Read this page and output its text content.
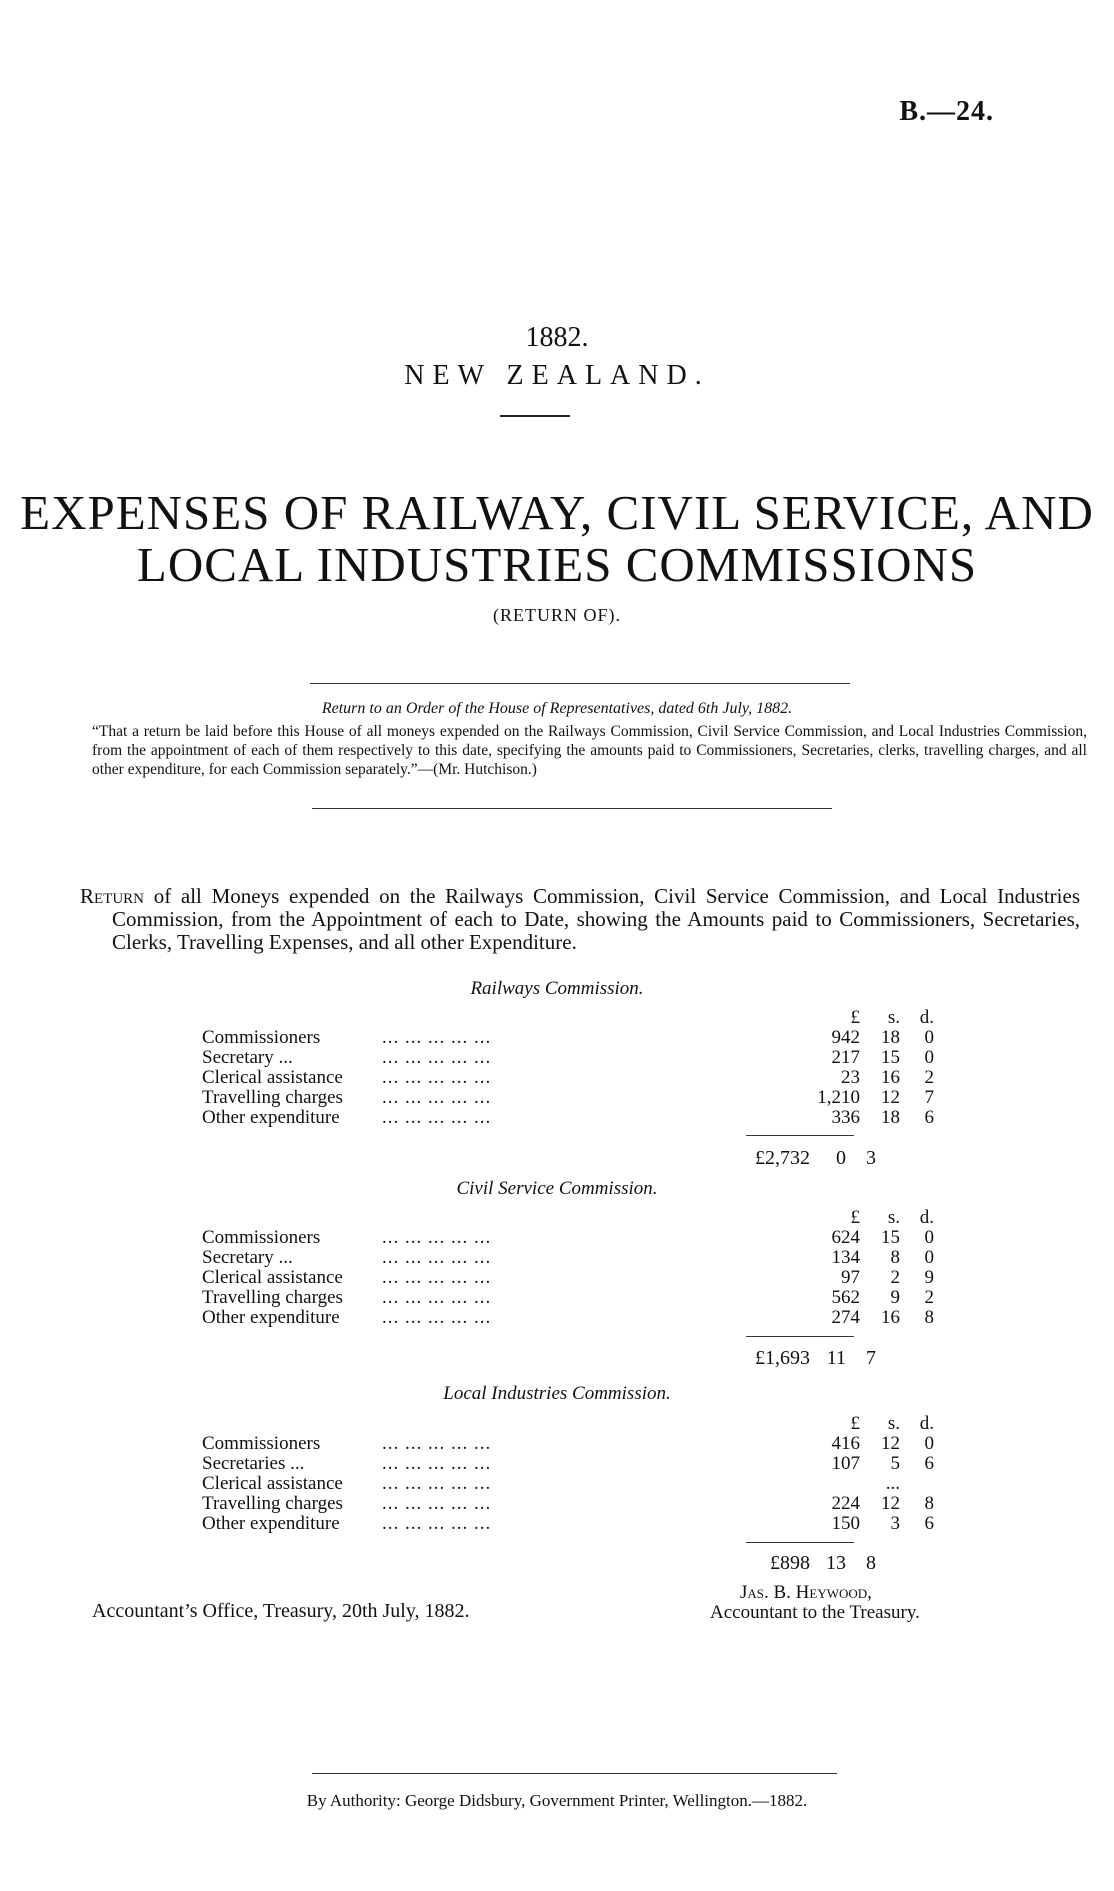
B.—24.
1882.
NEW ZEALAND.
EXPENSES OF RAILWAY, CIVIL SERVICE, AND
LOCAL INDUSTRIES COMMISSIONS
(RETURN OF).
Return to an Order of the House of Representatives, dated 6th July, 1882.
“That a return be laid before this House of all moneys expended on the Railways Commission, Civil Service Commission, and Local Industries Commission, from the appointment of each of them respectively to this date, specifying the amounts paid to Commissioners, Secretaries, clerks, travelling charges, and all other expenditure, for each Commission separately.”—(Mr. Hutchison.)

Return of all Moneys expended on the Railways Commission, Civil Service Commission, and Local Industries Commission, from the Appointment of each to Date, showing the Amounts paid to Commissioners, Secretaries, Clerks, Travelling Expenses, and all other Expenditure.

Railways Commission.
						£	s.	d.
Commissioners	... ... ... ... ...					942	18	0
Secretary ...	... ... ... ... ...					217	15	0
Clerical assistance	... ... ... ... ...					23	16	2
Travelling charges	... ... ... ... ...					1,210	12	7
Other expenditure	... ... ... ... ...					336	18	6
£2,732 0 3
Civil Service Commission.
						£	s.	d.
Commissioners	... ... ... ... ...					624	15	0
Secretary ...	... ... ... ... ...					134	8	0
Clerical assistance	... ... ... ... ...					97	2	9
Travelling charges	... ... ... ... ...					562	9	2
Other expenditure	... ... ... ... ...					274	16	8
£1,693 11 7
Local Industries Commission.
						£	s.	d.
Commissioners	... ... ... ... ...					416	12	0
Secretaries ...	... ... ... ... ...					107	5	6
Clerical assistance	... ... ... ... ...						...	
Travelling charges	... ... ... ... ...					224	12	8
Other expenditure	... ... ... ... ...					150	3	6
£898 13 8
Jas. B. Heywood,
Accountant’s Office, Treasury, 20th July, 1882.	Accountant to the Treasury.
By Authority: George Didsbury, Government Printer, Wellington.—1882.
